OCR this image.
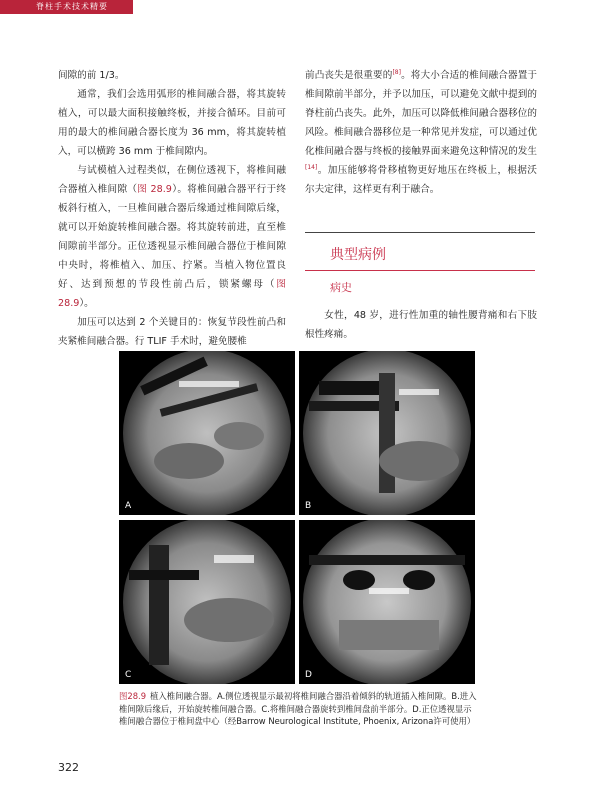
脊柱手术技术精要

间隙的前 1/3。

通常，我们会选用弧形的椎间融合器，将其旋转植入，可以最大面积接触终板，并接合循环。目前可用的最大的椎间融合器长度为 36 mm，将其旋转植入，可以横跨 36 mm 于椎间隙内。

与试模植入过程类似，在侧位透视下，将椎间融合器植入椎间隙（图 28.9）。将椎间融合器平行于终板斜行植入，一旦椎间融合器后缘通过椎间隙后缘，就可以开始旋转椎间融合器。将其旋转前进，直至椎间隙前半部分。正位透视显示椎间融合器位于椎间隙中央时，将椎植入、加压、拧紧。当植入物位置良好、达到预想的节段性前凸后，锁紧螺母（图 28.9）。

加压可以达到 2 个关键目的：恢复节段性前凸和夹紧椎间融合器。行 TLIF 手术时，避免腰椎

前凸丧失是很重要的[8]。将大小合适的椎间融合器置于椎间隙前半部分，并予以加压，可以避免文献中提到的脊柱前凸丧失。此外，加压可以降低椎间融合器移位的风险。椎间融合器移位是一种常见并发症，可以通过优化椎间融合器与终板的接触界面来避免这种情况的发生[14]。加压能够将骨移植物更好地压在终板上，根据沃尔夫定律，这样更有利于融合。

典型病例
病史
女性，48 岁，进行性加重的轴性腰背痛和右下肢根性疼痛。
A	B
C	D
图28.9 植入椎间融合器。A.侧位透视显示最初将椎间融合器沿着倾斜的轨道插入椎间隙。B.进入椎间隙后缘后，开始旋转椎间融合器。C.将椎间融合器旋转到椎间盘前半部分。D.正位透视显示椎间融合器位于椎间盘中心（经Barrow Neurological Institute, Phoenix, Arizona许可使用）
322
